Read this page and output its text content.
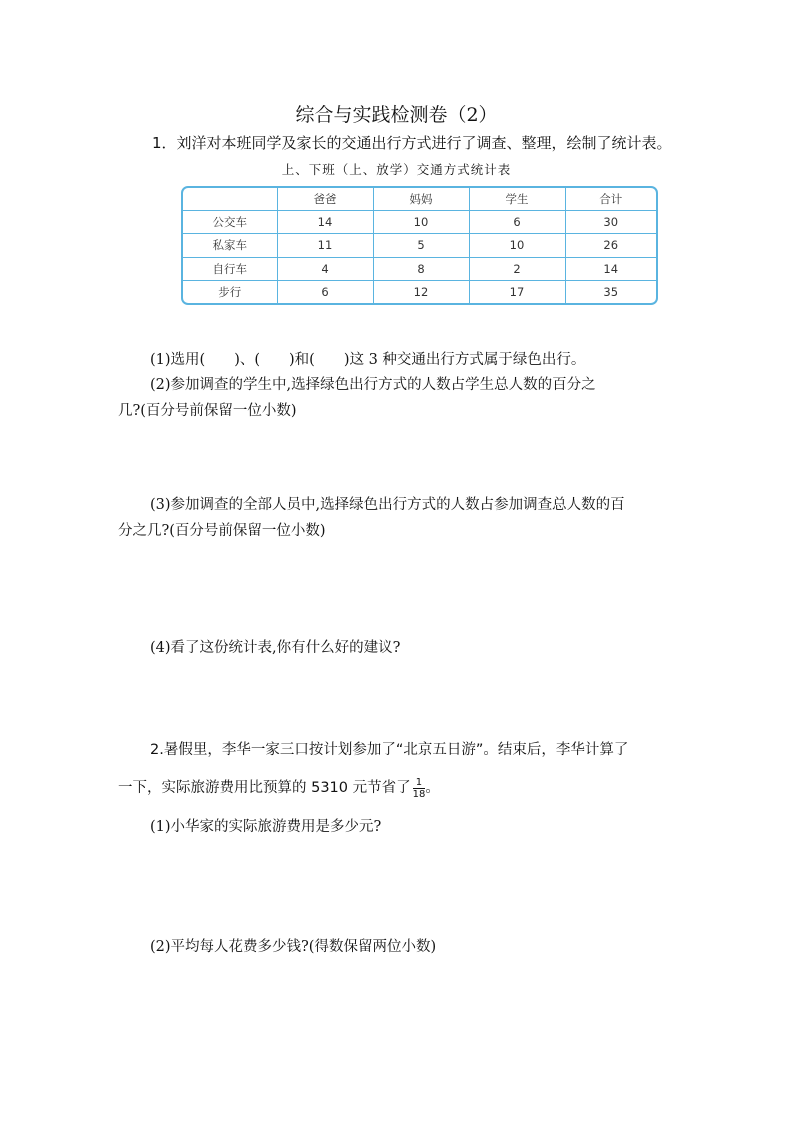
综合与实践检测卷（2）
1．刘洋对本班同学及家长的交通出行方式进行了调查、整理，绘制了统计表。
上、下班（上、放学）交通方式统计表
	爸爸	妈妈	学生	合计
公交车	14	10	6	30
私家车	11	5	10	26
自行车	4	8	2	14
步行	6	12	17	35
(1)选用(　　)、(　　)和(　　)这 3 种交通出行方式属于绿色出行。
(2)参加调查的学生中,选择绿色出行方式的人数占学生总人数的百分之
几?(百分号前保留一位小数)
(3)参加调查的全部人员中,选择绿色出行方式的人数占参加调查总人数的百
分之几?(百分号前保留一位小数)
(4)看了这份统计表,你有什么好的建议?
2.暑假里，李华一家三口按计划参加了“北京五日游”。结束后，李华计算了
一下，实际旅游费用比预算的 5310 元节省了 $\frac{1}{18}$ 。
(1)小华家的实际旅游费用是多少元?
(2)平均每人花费多少钱?(得数保留两位小数)
